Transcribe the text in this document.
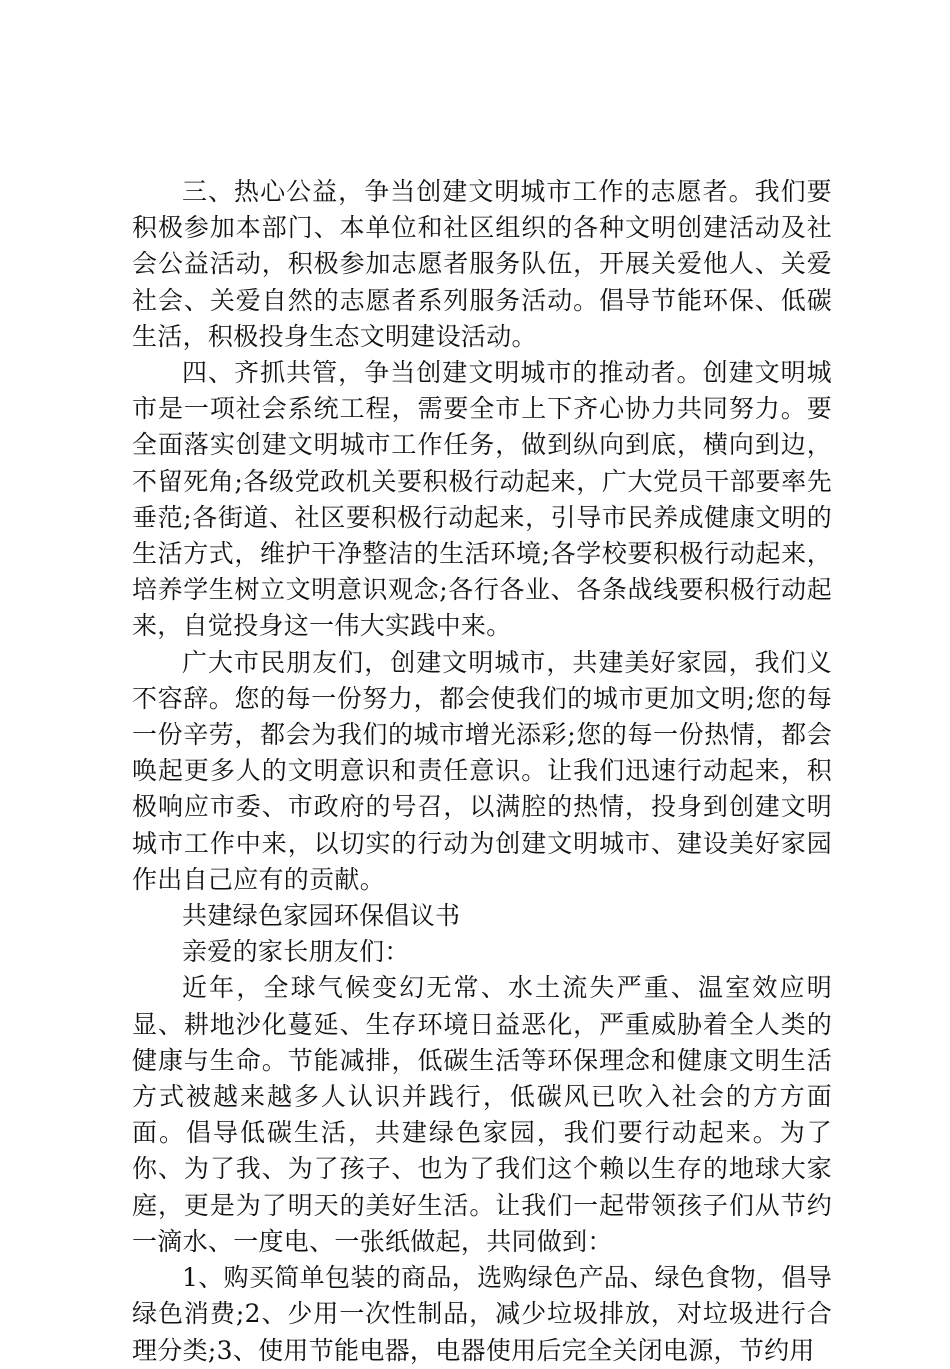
三、热心公益，争当创建文明城市工作的志愿者。我们要积极参加本部门、本单位和社区组织的各种文明创建活动及社会公益活动，积极参加志愿者服务队伍，开展关爱他人、关爱社会、关爱自然的志愿者系列服务活动。倡导节能环保、低碳生活，积极投身生态文明建设活动。

四、齐抓共管，争当创建文明城市的推动者。创建文明城市是一项社会系统工程，需要全市上下齐心协力共同努力。要全面落实创建文明城市工作任务，做到纵向到底，横向到边，不留死角;各级党政机关要积极行动起来，广大党员干部要率先垂范;各街道、社区要积极行动起来，引导市民养成健康文明的生活方式，维护干净整洁的生活环境;各学校要积极行动起来，培养学生树立文明意识观念;各行各业、各条战线要积极行动起来，自觉投身这一伟大实践中来。

广大市民朋友们，创建文明城市，共建美好家园，我们义不容辞。您的每一份努力，都会使我们的城市更加文明;您的每一份辛劳，都会为我们的城市增光添彩;您的每一份热情，都会唤起更多人的文明意识和责任意识。让我们迅速行动起来，积极响应市委、市政府的号召，以满腔的热情，投身到创建文明城市工作中来，以切实的行动为创建文明城市、建设美好家园作出自己应有的贡献。

共建绿色家园环保倡议书

亲爱的家长朋友们：

近年，全球气候变幻无常、水土流失严重、温室效应明显、耕地沙化蔓延、生存环境日益恶化，严重威胁着全人类的健康与生命。节能减排，低碳生活等环保理念和健康文明生活方式被越来越多人认识并践行，低碳风已吹入社会的方方面面。倡导低碳生活，共建绿色家园，我们要行动起来。为了你、为了我、为了孩子、也为了我们这个赖以生存的地球大家庭，更是为了明天的美好生活。让我们一起带领孩子们从节约一滴水、一度电、一张纸做起，共同做到：

1、购买简单包装的商品，选购绿色产品、绿色食物，倡导绿色消费;2、少用一次性制品，减少垃圾排放，对垃圾进行合理分类;3、使用节能电器，电器使用后完全关闭电源，节约用
